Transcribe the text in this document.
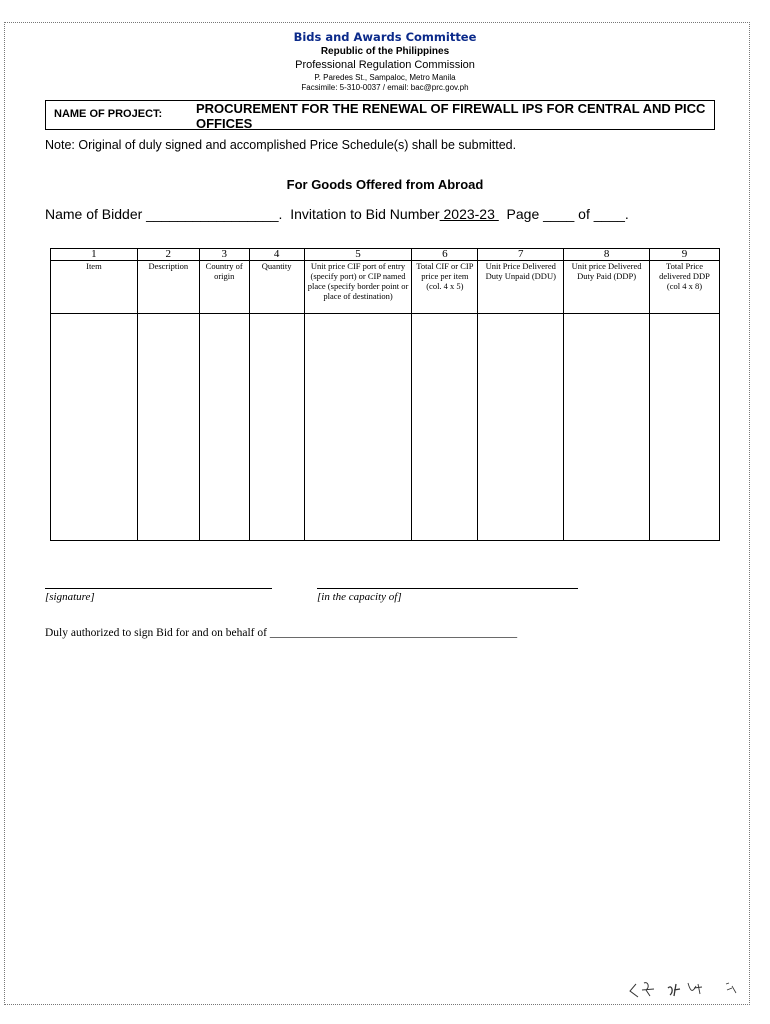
Bids and Awards Committee
Republic of the Philippines
Professional Regulation Commission
P. Paredes St., Sampaloc, Metro Manila
Facsimile: 5-310-0037 / email: bac@prc.gov.ph
NAME OF PROJECT:	PROCUREMENT FOR THE RENEWAL OF FIREWALL IPS FOR CENTRAL AND PICC OFFICES
Note: Original of duly signed and accomplished Price Schedule(s) shall be submitted.
For Goods Offered from Abroad
Name of Bidder _________________.  Invitation to Bid Number 2023-23   Page ____ of ____.
1	2	3	4	5	6	7	8	9
Item	Description	Country of origin	Quantity	Unit price CIF port of entry (specify port) or CIP named place (specify border point or place of destination)	Total CIF or CIP price per item (col. 4 x 5)	Unit Price Delivered Duty Unpaid (DDU)	Unit price Delivered Duty Paid (DDP)	Total Price delivered DDP (col 4 x 8)

[signature]	[in the capacity of]
Duly authorized to sign Bid for and on behalf of ___________________________________________
